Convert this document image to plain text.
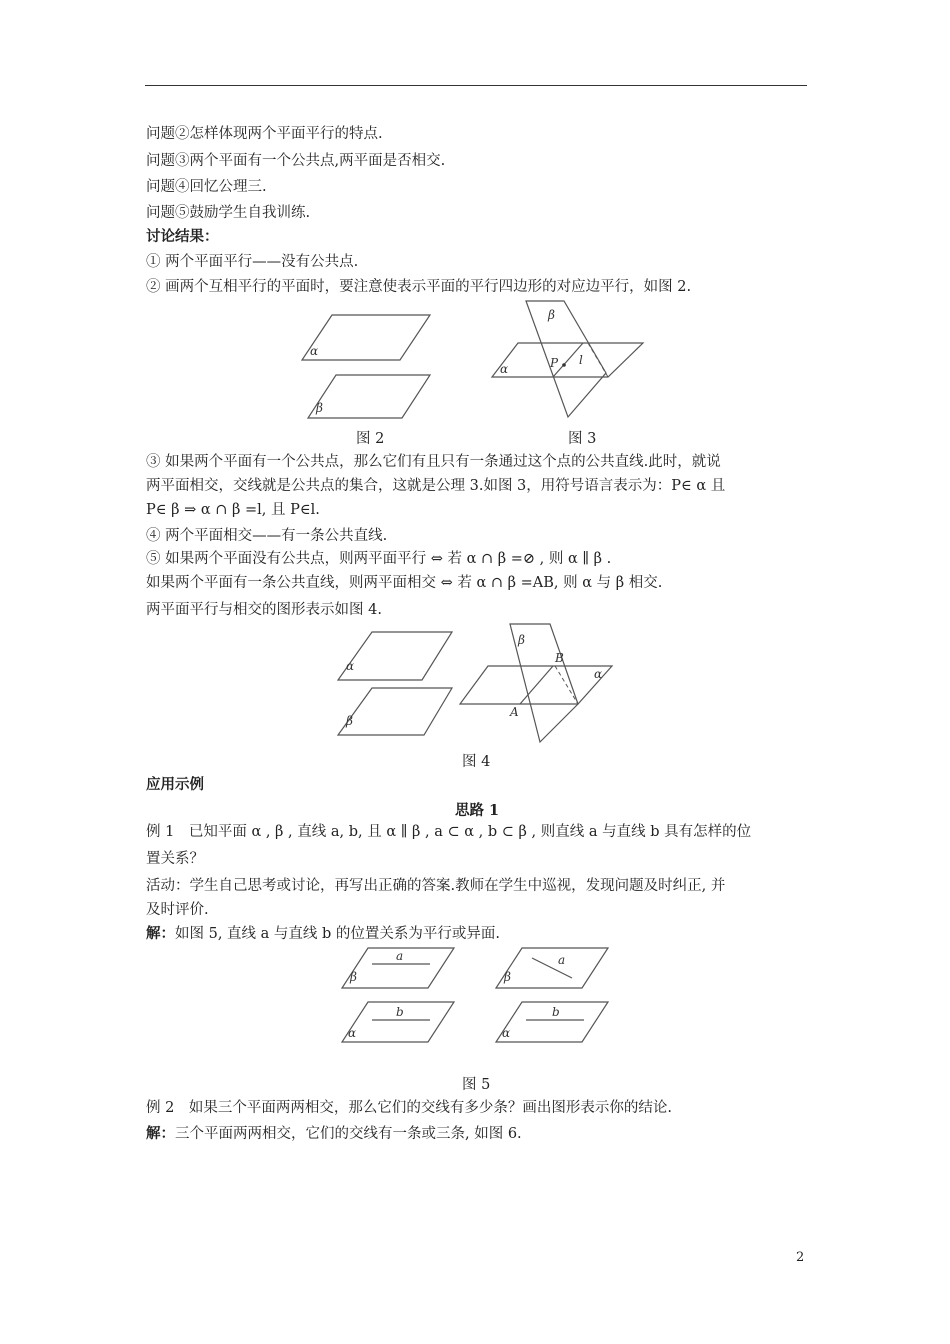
问题②怎样体现两个平面平行的特点.
问题③两个平面有一个公共点,两平面是否相交.
问题④回忆公理三.
问题⑤鼓励学生自我训练.
讨论结果：
① 两个平面平行——没有公共点.
② 画两个互相平行的平面时，要注意使表示平面的平行四边形的对应边平行，如图 2.
α
β
图 2
β
P l
α
图 3
③ 如果两个平面有一个公共点，那么它们有且只有一条通过这个点的公共直线.此时，就说
两平面相交，交线就是公共点的集合，这就是公理 3.如图 3，用符号语言表示为：P∈ α 且
P∈ β ⇒ α ∩ β =l, 且 P∈l.
④ 两个平面相交——有一条公共直线.
⑤ 如果两个平面没有公共点，则两平面平行 ⇔ 若 α ∩ β =⊘ , 则 α ∥ β .
如果两个平面有一条公共直线，则两平面相交 ⇔ 若 α ∩ β =AB, 则 α 与 β 相交.
两平面平行与相交的图形表示如图 4.
α
β
β
B
α
A
图 4
应用示例
思路 1
例 1　已知平面 α , β , 直线 a, b, 且 α ∥ β , a ⊂ α , b ⊂ β , 则直线 a 与直线 b 具有怎样的位
置关系？
活动：学生自己思考或讨论，再写出正确的答案.教师在学生中巡视，发现问题及时纠正, 并
及时评价.
解：如图 5, 直线 a 与直线 b 的位置关系为平行或异面.
a
β
b
α
a
β
b
α
图 5
例 2　如果三个平面两两相交，那么它们的交线有多少条？画出图形表示你的结论.
解：三个平面两两相交，它们的交线有一条或三条, 如图 6.
2
